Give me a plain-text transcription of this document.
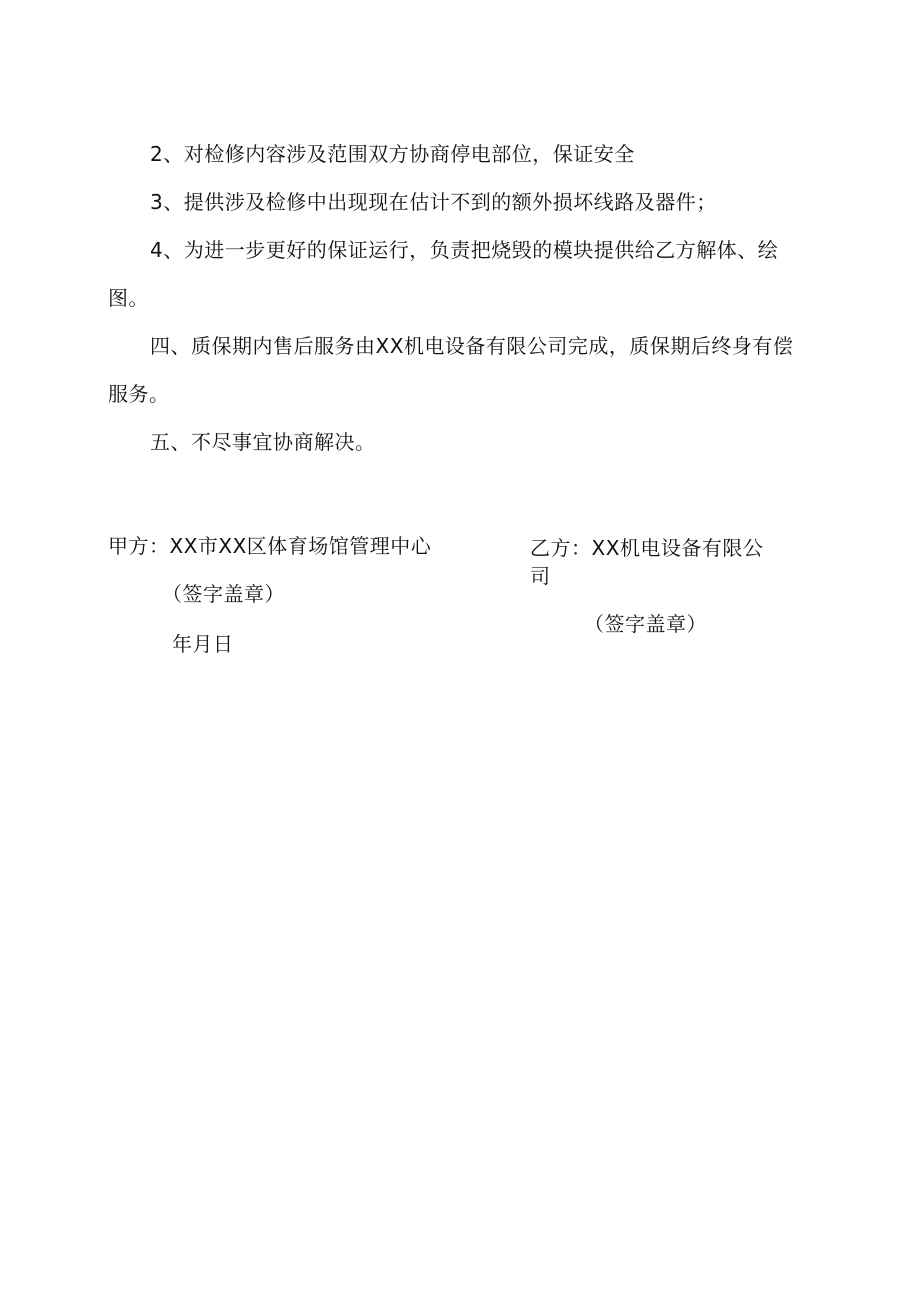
2、对检修内容涉及范围双方协商停电部位，保证安全

3、提供涉及检修中出现现在估计不到的额外损坏线路及器件；

4、为进一步更好的保证运行，负责把烧毁的模块提供给乙方解体、绘图。

四、质保期内售后服务由XX机电设备有限公司完成，质保期后终身有偿服务。

五、不尽事宜协商解决。

甲方：XX市XX区体育场馆管理中心

（签字盖章）

年月日

乙方：XX机电设备有限公司

（签字盖章）
